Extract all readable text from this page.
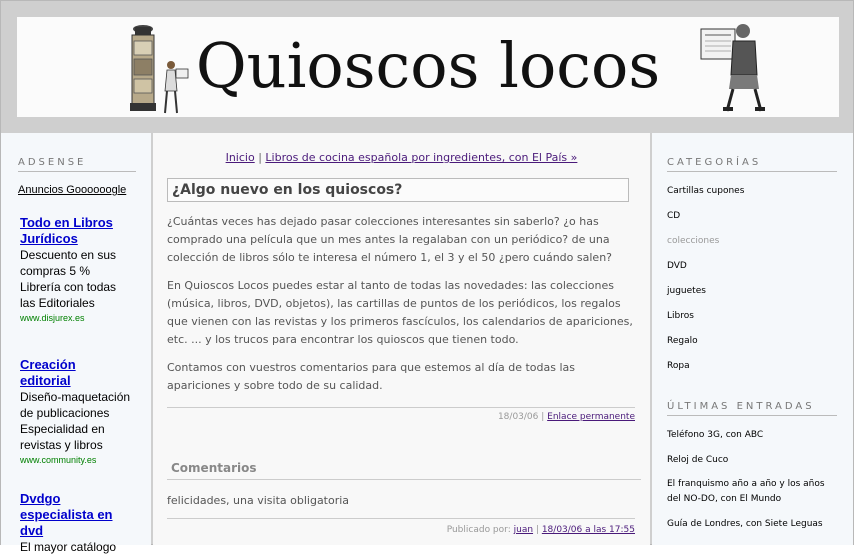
Quioscos locos
ADSENSE
Anuncios Goooooogle
Todo en Libros
Jurídicos
Descuento en sus
compras 5 %
Librería con todas
las Editoriales
www.disjurex.es
Creación
editorial
Diseño-maquetación
de publicaciones
Especialidad en
revistas y libros
www.community.es
Dvdgo
especialista en
dvd
El mayor catálogo
Inicio | Libros de cocina española por ingredientes, con El País »
¿Algo nuevo en los quioscos?
¿Cuántas veces has dejado pasar colecciones interesantes sin saberlo? ¿o has
comprado una película que un mes antes la regalaban con un periódico? de una
colección de libros sólo te interesa el número 1, el 3 y el 50 ¿pero cuándo salen?
En Quioscos Locos puedes estar al tanto de todas las novedades: las colecciones
(música, libros, DVD, objetos), las cartillas de puntos de los periódicos, los regalos
que vienen con las revistas y los primeros fascículos, los calendarios de apariciones,
etc. ... y los trucos para encontrar los quioscos que tienen todo.
Contamos con vuestros comentarios para que estemos al día de todas las
apariciones y sobre todo de su calidad.
18/03/06 | Enlace permanente
Comentarios
felicidades, una visita obligatoria
Publicado por: juan | 18/03/06 a las 17:55
CATEGORÍAS
Cartillas cupones
CD
colecciones
DVD
juguetes
Libros
Regalo
Ropa
ÚLTIMAS ENTRADAS
Teléfono 3G, con ABC
Reloj de Cuco
El franquismo año a año y los años
del NO-DO, con El Mundo
Guía de Londres, con Siete Leguas
